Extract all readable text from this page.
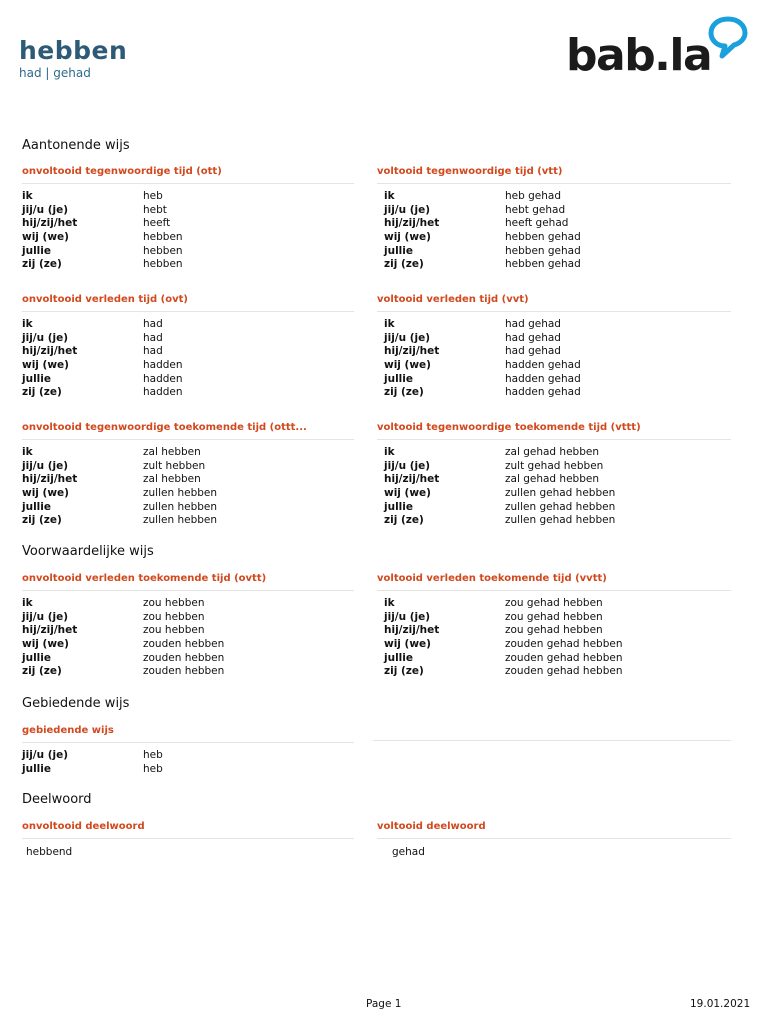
hebben
had | gehad	bab.la
Aantonende wijs
onvoltooid tegenwoordige tijd (ott)
ik	heb
jij/u (je)	hebt
hij/zij/het	heeft
wij (we)	hebben
jullie	hebben
zij (ze)	hebben
voltooid tegenwoordige tijd (vtt)
ik	heb gehad
jij/u (je)	hebt gehad
hij/zij/het	heeft gehad
wij (we)	hebben gehad
jullie	hebben gehad
zij (ze)	hebben gehad
onvoltooid verleden tijd (ovt)
ik	had
jij/u (je)	had
hij/zij/het	had
wij (we)	hadden
jullie	hadden
zij (ze)	hadden
voltooid verleden tijd (vvt)
ik	had gehad
jij/u (je)	had gehad
hij/zij/het	had gehad
wij (we)	hadden gehad
jullie	hadden gehad
zij (ze)	hadden gehad
onvoltooid tegenwoordige toekomende tijd (ottt...
ik	zal hebben
jij/u (je)	zult hebben
hij/zij/het	zal hebben
wij (we)	zullen hebben
jullie	zullen hebben
zij (ze)	zullen hebben
voltooid tegenwoordige toekomende tijd (vttt)
ik	zal gehad hebben
jij/u (je)	zult gehad hebben
hij/zij/het	zal gehad hebben
wij (we)	zullen gehad hebben
jullie	zullen gehad hebben
zij (ze)	zullen gehad hebben
Voorwaardelijke wijs
onvoltooid verleden toekomende tijd (ovtt)
ik	zou hebben
jij/u (je)	zou hebben
hij/zij/het	zou hebben
wij (we)	zouden hebben
jullie	zouden hebben
zij (ze)	zouden hebben
voltooid verleden toekomende tijd (vvtt)
ik	zou gehad hebben
jij/u (je)	zou gehad hebben
hij/zij/het	zou gehad hebben
wij (we)	zouden gehad hebben
jullie	zouden gehad hebben
zij (ze)	zouden gehad hebben
Gebiedende wijs
gebiedende wijs
jij/u (je)	heb
jullie	heb
Deelwoord
onvoltooid deelwoord
hebbend
voltooid deelwoord
gehad
Page 1	19.01.2021
